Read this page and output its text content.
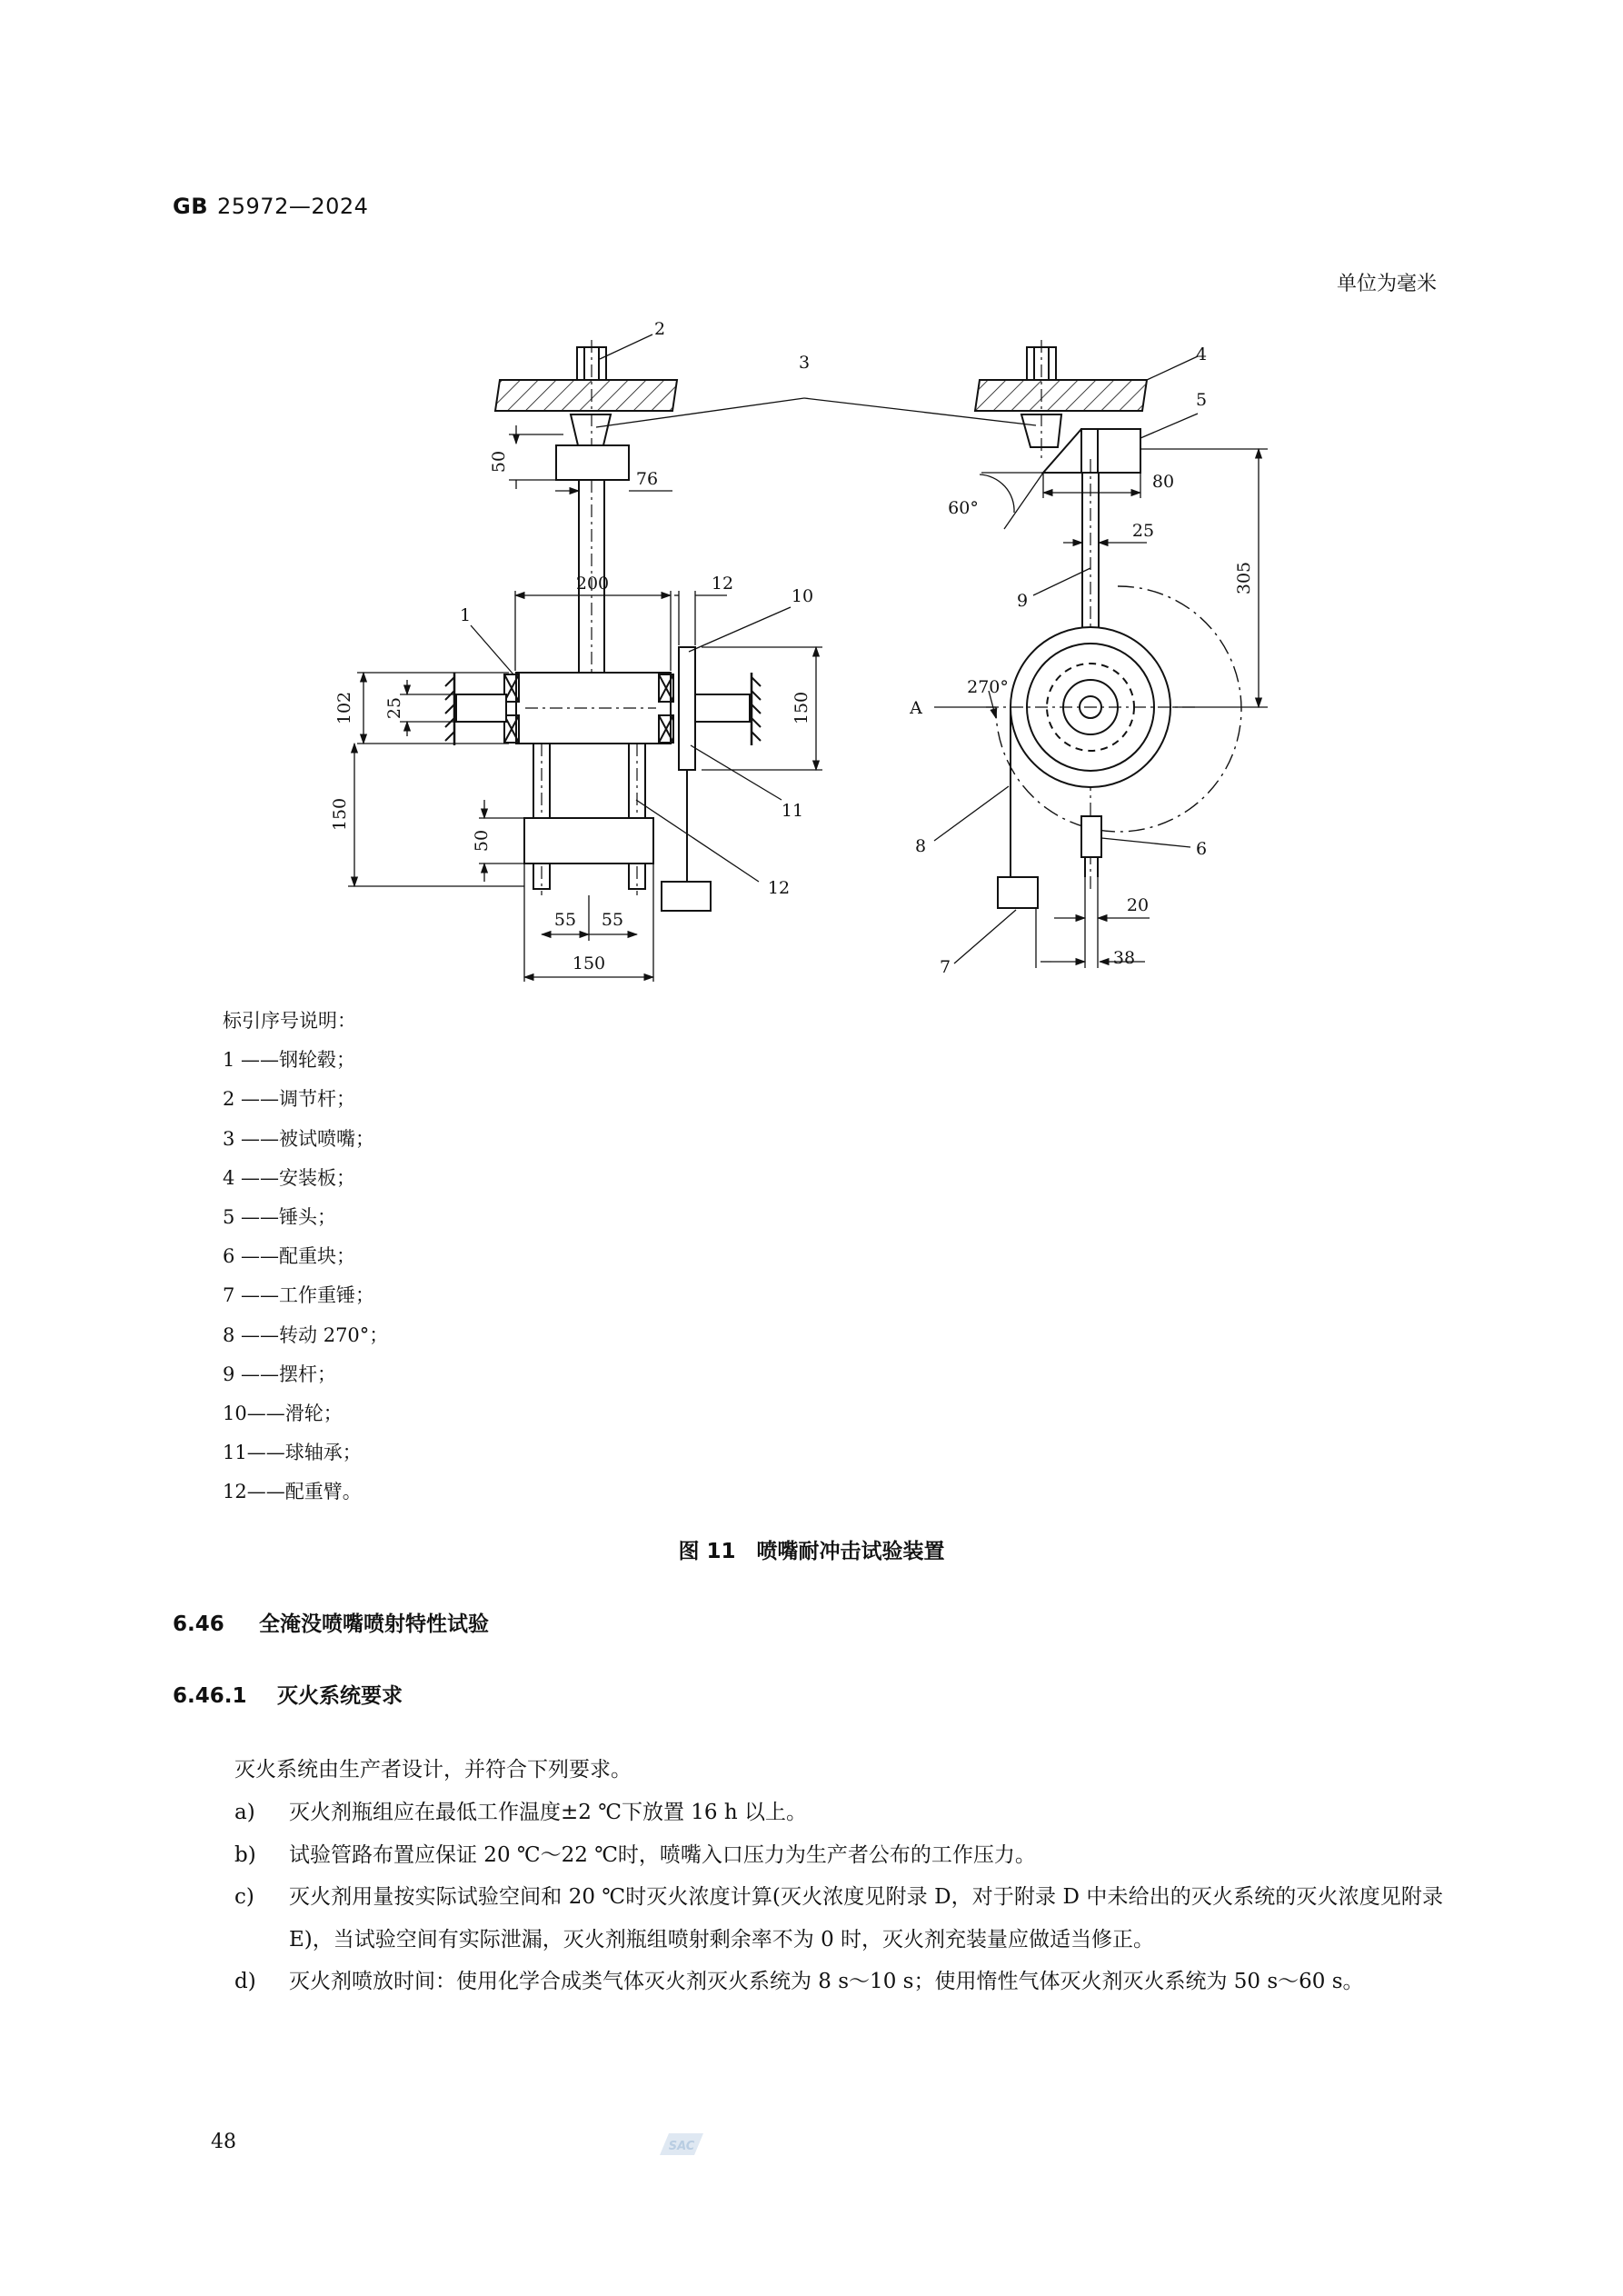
GB 25972—2024
单位为毫米
50
76
200	12
102 25
150
150
50
55 55
150
80
60°
25
305
270°
A
20
38
1
2
3	4
5
6
7
8
9
10
11
12
标引序号说明：
1 ——钢轮毂；
2 ——调节杆；
3 ——被试喷嘴；
4 ——安装板；
5 ——锤头；
6 ——配重块；
7 ——工作重锤；
8 ——转动 270°；
9 ——摆杆；
10——滑轮；
11——球轴承；
12——配重臂。
图 11　喷嘴耐冲击试验装置
6.46 全淹没喷嘴喷射特性试验
6.46.1 灭火系统要求
灭火系统由生产者设计，并符合下列要求。
a)	灭火剂瓶组应在最低工作温度±2 ℃下放置 16 h 以上。
b)	试验管路布置应保证 20 ℃～22 ℃时，喷嘴入口压力为生产者公布的工作压力。
c)	灭火剂用量按实际试验空间和 20 ℃时灭火浓度计算(灭火浓度见附录 D，对于附录 D 中未给出的灭火系统的灭火浓度见附录 E)，当试验空间有实际泄漏，灭火剂瓶组喷射剩余率不为 0 时，灭火剂充装量应做适当修正。
d)	灭火剂喷放时间：使用化学合成类气体灭火剂灭火系统为 8 s～10 s；使用惰性气体灭火剂灭火系统为 50 s～60 s。
48	SAC
